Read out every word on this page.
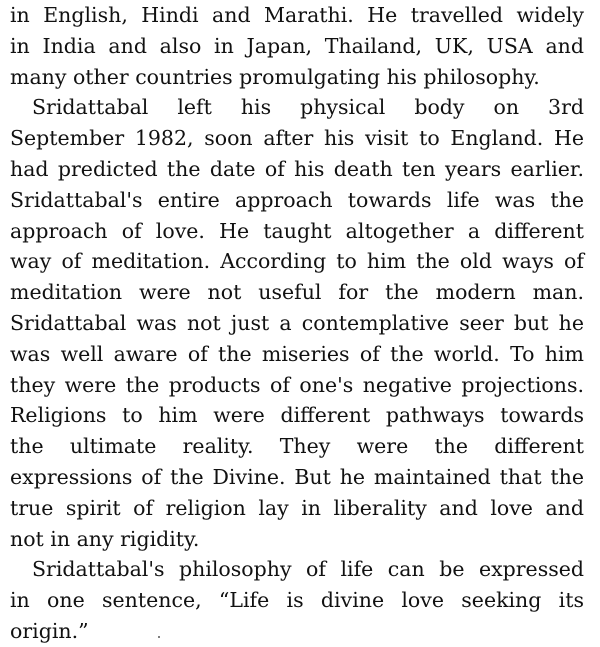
in English, Hindi and Marathi. He travelled widely
in India and also in Japan, Thailand, UK, USA and
many other countries promulgating his philosophy.
Sridattabal left his physical body on 3rd
September 1982, soon after his visit to England. He
had predicted the date of his death ten years earlier.
Sridattabal's entire approach towards life was the
approach of love. He taught altogether a different
way of meditation. According to him the old ways of
meditation were not useful for the modern man.
Sridattabal was not just a contemplative seer but he
was well aware of the miseries of the world. To him
they were the products of one's negative projections.
Religions to him were different pathways towards
the ultimate reality. They were the different
expressions of the Divine. But he maintained that the
true spirit of religion lay in liberality and love and
not in any rigidity.
Sridattabal's philosophy of life can be expressed
in one sentence, “Life is divine love seeking its
origin.”
